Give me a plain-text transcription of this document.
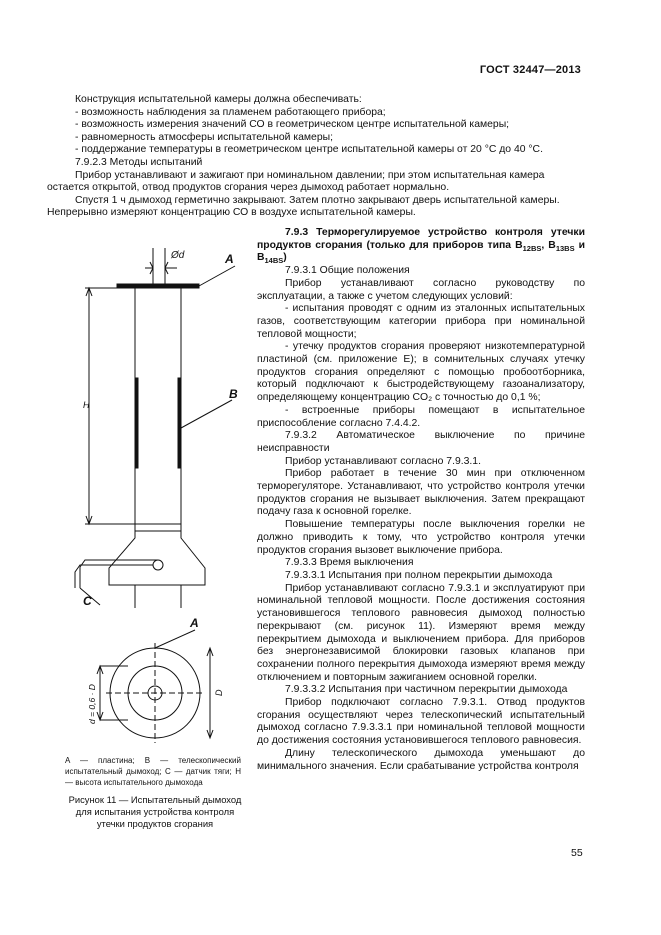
ГОСТ 32447—2013

Конструкция испытательной камеры должна обеспечивать:

- возможность наблюдения за пламенем работающего прибора;

- возможность измерения значений СО в геометрическом центре испытательной камеры;

- равномерность атмосферы испытательной камеры;

- поддержание температуры в геометрическом центре испытательной камеры от 20 °С до 40 °С.

7.9.2.3 Методы испытаний

Прибор устанавливают и зажигают при номинальном давлении; при этом испытательная камера остается открытой, отвод продуктов сгорания через дымоход работает нормально.

Спустя 1 ч дымоход герметично закрывают. Затем плотно закрывают дверь испытательной камеры. Непрерывно измеряют концентрацию СО в воздухе испытательной камеры.

Ød	A
B
C
H
A
D
d = 0,6 · D
A — пластина; B — телескопический испытательный дымоход; C — датчик тяги; H — высота испытательного дымохода
Рисунок 11 — Испытательный дымоход для испытания устройства контроля утечки продуктов сгорания

7.9.3 Терморегулируемое устройство контроля утечки продуктов сгорания (только для приборов типа $B_{12BS}$, $B_{13BS}$ и $B_{14BS}$)

7.9.3.1 Общие положения

Прибор устанавливают согласно руководству по эксплуатации, а также с учетом следующих условий:

- испытания проводят с одним из эталонных испытательных газов, соответствующим категории прибора при номинальной тепловой мощности;

- утечку продуктов сгорания проверяют низкотемпературной пластиной (см. приложение Е); в сомнительных случаях утечку продуктов сгорания определяют с помощью пробоотборника, который подключают к быстродействующему газоанализатору, определяющему концентрацию CO₂ с точностью до 0,1 %;

- встроенные приборы помещают в испытательное приспособление согласно 7.4.4.2.

7.9.3.2 Автоматическое выключение по причине неисправности

Прибор устанавливают согласно 7.9.3.1.

Прибор работает в течение 30 мин при отключенном терморегуляторе. Устанавливают, что устройство контроля утечки продуктов сгорания не вызывает выключения. Затем прекращают подачу газа к основной горелке.

Повышение температуры после выключения горелки не должно приводить к тому, что устройство контроля утечки продуктов сгорания вызовет выключение прибора.

7.9.3.3 Время выключения

7.9.3.3.1 Испытания при полном перекрытии дымохода

Прибор устанавливают согласно 7.9.3.1 и эксплуатируют при номинальной тепловой мощности. После достижения состояния установившегося теплового равновесия дымоход полностью перекрывают (см. рисунок 11). Измеряют время между перекрытием дымохода и выключением прибора. Для приборов без энергонезависимой блокировки газовых клапанов при сохранении полного перекрытия дымохода измеряют время между отключением и повторным зажиганием основной горелки.

7.9.3.3.2 Испытания при частичном перекрытии дымохода

Прибор подключают согласно 7.9.3.1. Отвод продуктов сгорания осуществляют через телескопический испытательный дымоход согласно 7.9.3.3.1 при номинальной тепловой мощности до достижения состояния установившегося теплового равновесия.

Длину телескопического дымохода уменьшают до минимального значения. Если срабатывание устройства контроля

55
